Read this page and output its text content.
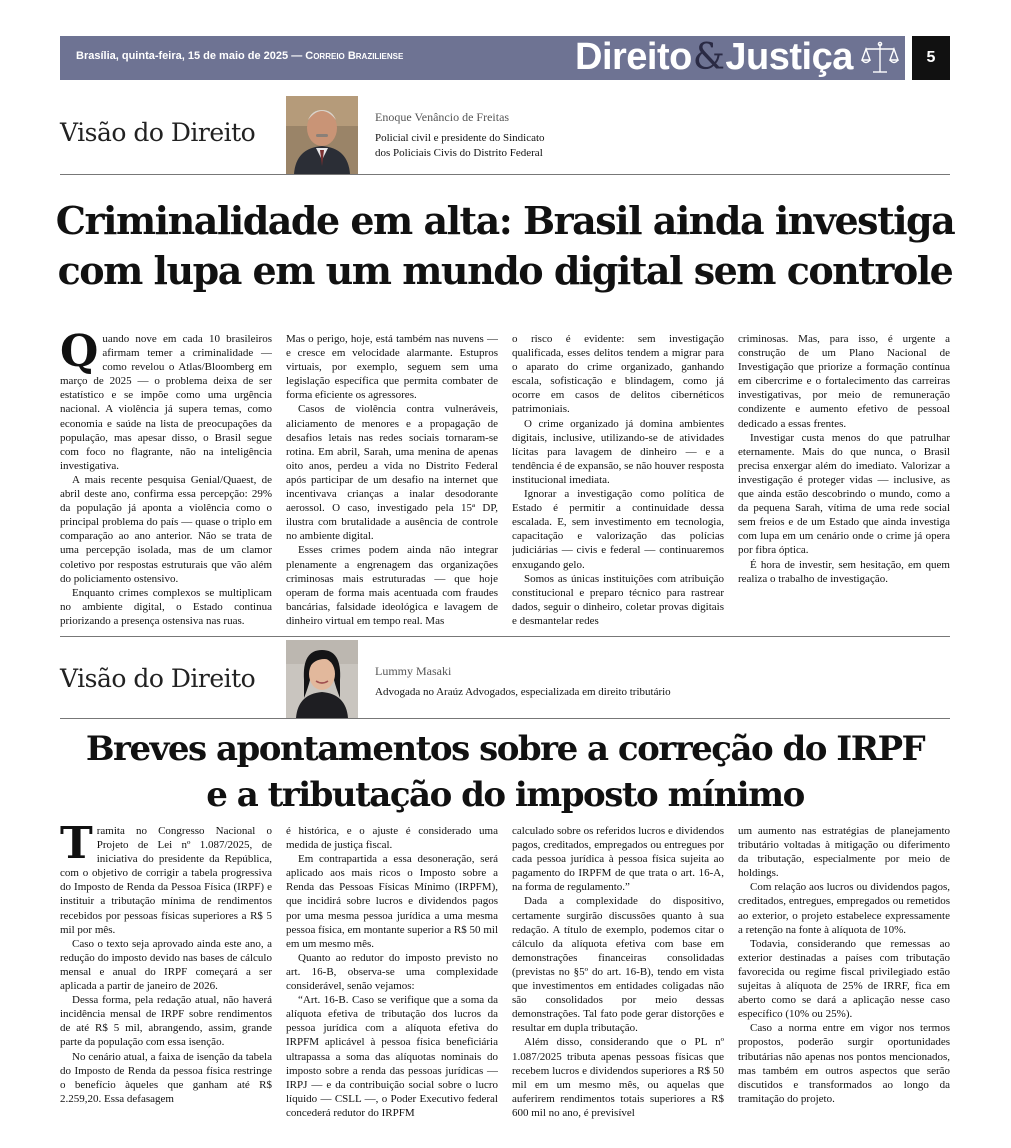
Brasília, quinta-feira, 15 de maio de 2025 — Correio Braziliense	Direito & Justiça	5
Visão do Direito
Enoque Venâncio de Freitas
Policial civil e presidente do Sindicato
dos Policiais Civis do Distrito Federal
Criminalidade em alta: Brasil ainda investiga
com lupa em um mundo digital sem controle

Quando nove em cada 10 brasileiros afirmam temer a criminalidade — como revelou o Atlas/Bloomberg em março de 2025 — o problema deixa de ser estatístico e se impõe como uma urgência nacional. A violência já supera temas, como economia e saúde na lista de preocupações da população, mas apesar disso, o Brasil segue com foco no flagrante, não na inteligência investigativa.

A mais recente pesquisa Genial/Quaest, de abril deste ano, confirma essa percepção: 29% da população já aponta a violência como o principal problema do país — quase o triplo em comparação ao ano anterior. Não se trata de uma percepção isolada, mas de um clamor coletivo por respostas estruturais que vão além do policiamento ostensivo.

Enquanto crimes complexos se multiplicam no ambiente digital, o Estado continua priorizando a presença ostensiva nas ruas.

Mas o perigo, hoje, está também nas nuvens — e cresce em velocidade alarmante. Estupros virtuais, por exemplo, seguem sem uma legislação específica que permita combater de forma eficiente os agressores.

Casos de violência contra vulneráveis, aliciamento de menores e a propagação de desafios letais nas redes sociais tornaram-se rotina. Em abril, Sarah, uma menina de apenas oito anos, perdeu a vida no Distrito Federal após participar de um desafio na internet que incentivava crianças a inalar desodorante aerossol. O caso, investigado pela 15ª DP, ilustra com brutalidade a ausência de controle no ambiente digital.

Esses crimes podem ainda não integrar plenamente a engrenagem das organizações criminosas mais estruturadas — que hoje operam de forma mais acentuada com fraudes bancárias, falsidade ideológica e lavagem de dinheiro virtual em tempo real. Mas

o risco é evidente: sem investigação qualificada, esses delitos tendem a migrar para o aparato do crime organizado, ganhando escala, sofisticação e blindagem, como já ocorre em casos de delitos cibernéticos patrimoniais.

O crime organizado já domina ambientes digitais, inclusive, utilizando-se de atividades lícitas para lavagem de dinheiro — e a tendência é de expansão, se não houver resposta institucional imediata.

Ignorar a investigação como política de Estado é permitir a continuidade dessa escalada. E, sem investimento em tecnologia, capacitação e valorização das polícias judiciárias — civis e federal — continuaremos enxugando gelo.

Somos as únicas instituições com atribuição constitucional e preparo técnico para rastrear dados, seguir o dinheiro, coletar provas digitais e desmantelar redes

criminosas. Mas, para isso, é urgente a construção de um Plano Nacional de Investigação que priorize a formação contínua em cibercrime e o fortalecimento das carreiras investigativas, por meio de remuneração condizente e aumento efetivo de pessoal dedicado a essas frentes.

Investigar custa menos do que patrulhar eternamente. Mais do que nunca, o Brasil precisa enxergar além do imediato. Valorizar a investigação é proteger vidas — inclusive, as que ainda estão descobrindo o mundo, como a da pequena Sarah, vítima de uma rede social sem freios e de um Estado que ainda investiga com lupa em um cenário onde o crime já opera por fibra óptica.

É hora de investir, sem hesitação, em quem realiza o trabalho de investigação.

Visão do Direito	Lummy Masaki
Advogada no Araúz Advogados, especializada em direito tributário
Breves apontamentos sobre a correção do IRPF
e a tributação do imposto mínimo

Tramita no Congresso Nacional o Projeto de Lei nº 1.087/2025, de iniciativa do presidente da República, com o objetivo de corrigir a tabela progressiva do Imposto de Renda da Pessoa Física (IRPF) e instituir a tributação mínima de rendimentos recebidos por pessoas físicas superiores a R$ 5 mil por mês.

Caso o texto seja aprovado ainda este ano, a redução do imposto devido nas bases de cálculo mensal e anual do IRPF começará a ser aplicada a partir de janeiro de 2026.

Dessa forma, pela redação atual, não haverá incidência mensal de IRPF sobre rendimentos de até R$ 5 mil, abrangendo, assim, grande parte da população com essa isenção.

No cenário atual, a faixa de isenção da tabela do Imposto de Renda da pessoa física restringe o benefício àqueles que ganham até R$ 2.259,20. Essa defasagem

é histórica, e o ajuste é considerado uma medida de justiça fiscal.

Em contrapartida a essa desoneração, será aplicado aos mais ricos o Imposto sobre a Renda das Pessoas Físicas Mínimo (IRPFM), que incidirá sobre lucros e dividendos pagos por uma mesma pessoa jurídica a uma mesma pessoa física, em montante superior a R$ 50 mil em um mesmo mês.

Quanto ao redutor do imposto previsto no art. 16-B, observa-se uma complexidade considerável, senão vejamos:

“Art. 16-B. Caso se verifique que a soma da alíquota efetiva de tributação dos lucros da pessoa jurídica com a alíquota efetiva do IRPFM aplicável à pessoa física beneficiária ultrapassa a soma das alíquotas nominais do imposto sobre a renda das pessoas jurídicas — IRPJ — e da contribuição social sobre o lucro líquido — CSLL —, o Poder Executivo federal concederá redutor do IRPFM

calculado sobre os referidos lucros e dividendos pagos, creditados, empregados ou entregues por cada pessoa jurídica à pessoa física sujeita ao pagamento do IRPFM de que trata o art. 16-A, na forma de regulamento.”

Dada a complexidade do dispositivo, certamente surgirão discussões quanto à sua redação. A título de exemplo, podemos citar o cálculo da alíquota efetiva com base em demonstrações financeiras consolidadas (previstas no §5º do art. 16-B), tendo em vista que investimentos em entidades coligadas não são consolidados por meio dessas demonstrações. Tal fato pode gerar distorções e resultar em dupla tributação.

Além disso, considerando que o PL nº 1.087/2025 tributa apenas pessoas físicas que recebem lucros e dividendos superiores a R$ 50 mil em um mesmo mês, ou aquelas que auferirem rendimentos totais superiores a R$ 600 mil no ano, é previsível

um aumento nas estratégias de planejamento tributário voltadas à mitigação ou diferimento da tributação, especialmente por meio de holdings.

Com relação aos lucros ou dividendos pagos, creditados, entregues, empregados ou remetidos ao exterior, o projeto estabelece expressamente a retenção na fonte à alíquota de 10%.

Todavia, considerando que remessas ao exterior destinadas a países com tributação favorecida ou regime fiscal privilegiado estão sujeitas à alíquota de 25% de IRRF, fica em aberto como se dará a aplicação nesse caso específico (10% ou 25%).

Caso a norma entre em vigor nos termos propostos, poderão surgir oportunidades tributárias não apenas nos pontos mencionados, mas também em outros aspectos que serão discutidos e transformados ao longo da tramitação do projeto.
